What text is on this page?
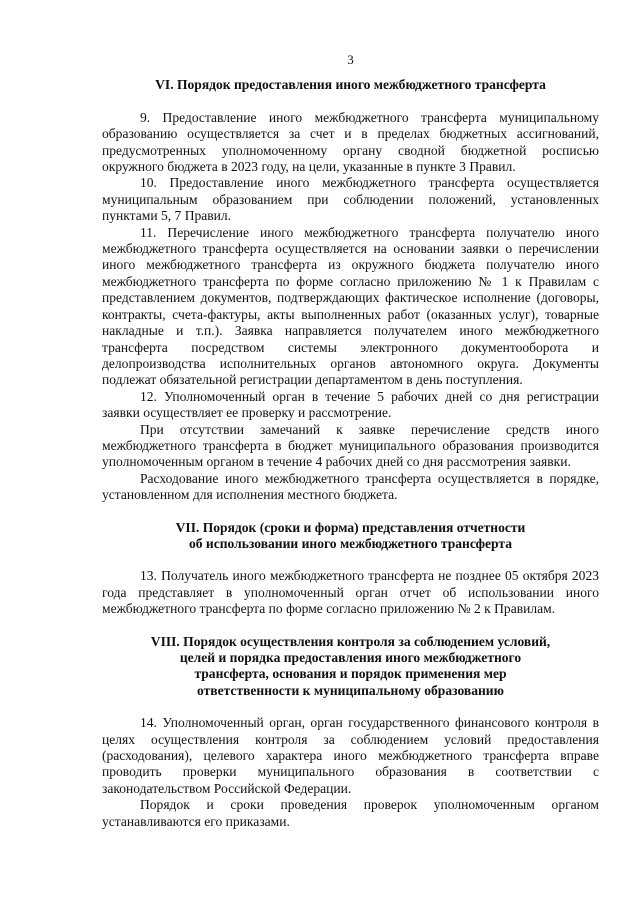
3
VI. Порядок предоставления иного межбюджетного трансферта

9. Предоставление иного межбюджетного трансферта муниципальному образованию осуществляется за счет и в пределах бюджетных ассигнований, предусмотренных уполномоченному органу сводной бюджетной росписью окружного бюджета в 2023 году, на цели, указанные в пункте 3 Правил.

10. Предоставление иного межбюджетного трансферта осуществляется муниципальным образованием при соблюдении положений, установленных пунктами 5, 7 Правил.

11. Перечисление иного межбюджетного трансферта получателю иного межбюджетного трансферта осуществляется на основании заявки о перечислении иного межбюджетного трансферта из окружного бюджета получателю иного межбюджетного трансферта по форме согласно приложению № 1 к Правилам с представлением документов, подтверждающих фактическое исполнение (договоры, контракты, счета-фактуры, акты выполненных работ (оказанных услуг), товарные накладные и т.п.). Заявка направляется получателем иного межбюджетного трансферта посредством системы электронного документооборота и делопроизводства исполнительных органов автономного округа. Документы подлежат обязательной регистрации департаментом в день поступления.

12. Уполномоченный орган в течение 5 рабочих дней со дня регистрации заявки осуществляет ее проверку и рассмотрение.

При отсутствии замечаний к заявке перечисление средств иного межбюджетного трансферта в бюджет муниципального образования производится уполномоченным органом в течение 4 рабочих дней со дня рассмотрения заявки.

Расходование иного межбюджетного трансферта осуществляется в порядке, установленном для исполнения местного бюджета.

VII. Порядок (сроки и форма) представления отчетности
об использовании иного межбюджетного трансферта

13. Получатель иного межбюджетного трансферта не позднее 05 октября 2023 года представляет в уполномоченный орган отчет об использовании иного межбюджетного трансферта по форме согласно приложению № 2 к Правилам.

VIII. Порядок осуществления контроля за соблюдением условий,
целей и порядка предоставления иного межбюджетного
трансферта, основания и порядок применения мер
ответственности к муниципальному образованию

14. Уполномоченный орган, орган государственного финансового контроля в целях осуществления контроля за соблюдением условий предоставления (расходования), целевого характера иного межбюджетного трансферта вправе проводить проверки муниципального образования в соответствии с законодательством Российской Федерации.

Порядок и сроки проведения проверок уполномоченным органом устанавливаются его приказами.
